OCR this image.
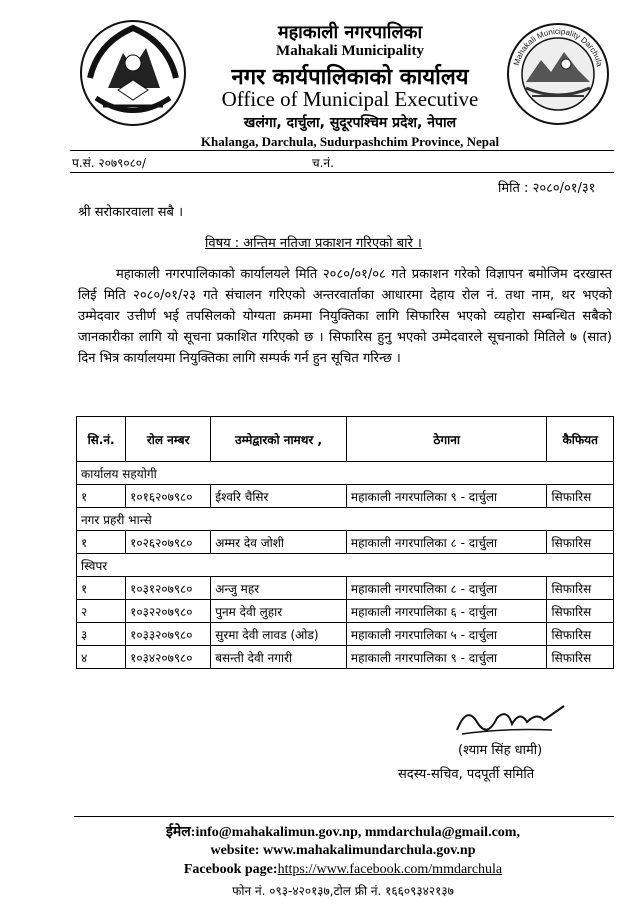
महाकाली नगरपालिका
Mahakali Municipality
नगर कार्यपालिकाको कार्यालय
Office of Municipal Executive
खलंगा, दार्चुला, सुदूरपश्चिम प्रदेश, नेपाल
Khalanga, Darchula, Sudurpashchim Province, Nepal
Mahakali Municipality Darchula
प.सं. २०७९०८०/	च.नं.
मिति : २०८०/०१/३१
श्री सरोकारवाला सबै ।
विषय : अन्तिम नतिजा प्रकाशन गरिएको बारे ।

महाकाली नगरपालिकाको कार्यालयले मिति २०८०/०१/०८ गते प्रकाशन गरेको विज्ञापन बमोजिम दरखास्त लिई मिति २०८०/०१/२३ गते संचालन गरिएको अन्तरवार्ताका आधारमा देहाय रोल नं. तथा नाम, थर भएको उम्मेदवार उत्तीर्ण भई तपसिलको योग्यता क्रममा नियुक्तिका लागि सिफारिस भएको व्यहोरा सम्बन्धित सबैको जानकारीका लागि यो सूचना प्रकाशित गरिएको छ । सिफारिस हुनु भएको उम्मेदवारले सूचनाको मितिले ७ (सात) दिन भित्र कार्यालयमा नियुक्तिका लागि सम्पर्क गर्न हुन सूचित गरिन्छ ।

सि.नं.	रोल नम्बर	उम्मेद्वारको नामथर ,	ठेगाना	कैफियत
कार्यालय सहयोगी				
१	१०१६२०७९८०	ईश्वरि चैसिर	महाकाली नगरपालिका ९ - दार्चुला	सिफारिस
नगर प्रहरी भान्से				
१	१०२६२०७९८०	अम्मर देव जोशी	महाकाली नगरपालिका ८ - दार्चुला	सिफारिस
स्विपर				
१	१०३१२०७९८०	अन्जु महर	महाकाली नगरपालिका ८ - दार्चुला	सिफारिस
२	१०३२२०७९८०	पुनम देवी लुहार	महाकाली नगरपालिका ६ - दार्चुला	सिफारिस
३	१०३३२०७९८०	सुरमा देवी लावड (ओड)	महाकाली नगरपालिका ५ - दार्चुला	सिफारिस
४	१०३४२०७९८०	बसन्ती देवी नगारी	महाकाली नगरपालिका ९ - दार्चुला	सिफारिस
(श्याम सिंह धामी)
सदस्य-सचिव, पदपूर्ती समिति
ईमेल:info@mahakalimun.gov.np, mmdarchula@gmail.com,
website: www.mahakalimundarchula.gov.np
Facebook page:https://www.facebook.com/mmdarchula
फोन नं. ०९३-४२०१३७,टोल फ्री नं. १६६०९३४२१३७
